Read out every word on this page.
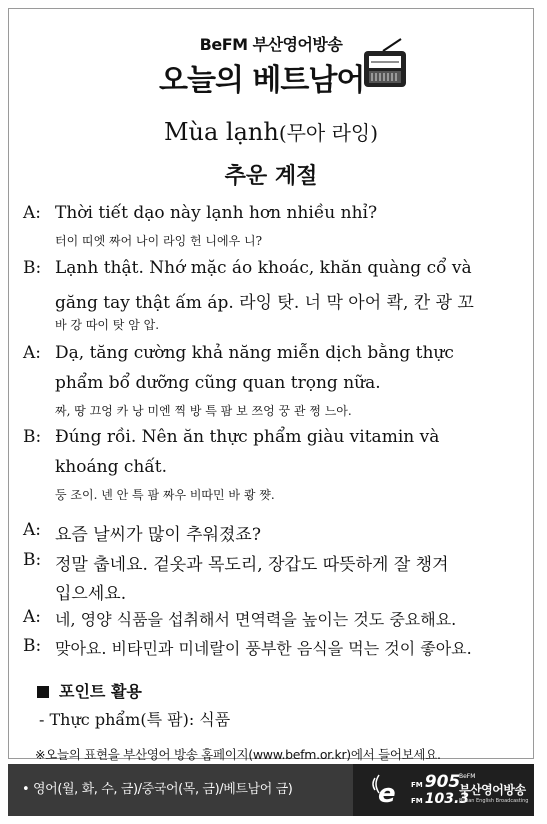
BeFM 부산영어방송
오늘의 베트남어
Mùa lạnh(무아 라잉)
추운 계절
A: Thời tiết dạo này lạnh hơn nhiều nhỉ?
터이 띠엣 짜어 나이 라잉 헌 니에우 니?
B: Lạnh thật. Nhớ mặc áo khoác, khăn quàng cổ và
găng tay thật ấm áp. 라잉 탓. 너 막 아어 콱, 칸 광 꼬
바 강 따이 탓 암 압.
A: Dạ, tăng cường khả năng miễn dịch bằng thực
phẩm bổ dưỡng cũng quan trọng nữa.
짜, 땅 끄엉 카 낭 미엔 찍 방 특 팜 보 쯔엉 꿍 관 쩡 느아.
B: Đúng rồi. Nên ăn thực phẩm giàu vitamin và
khoáng chất.
둥 조이. 넨 안 특 팜 짜우 비따민 바 쾅 쨧.
A: 요즘 날씨가 많이 추워졌죠?
B: 정말 춥네요. 겉옷과 목도리, 장갑도 따뜻하게 잘 챙겨
입으세요.
A: 네, 영양 식품을 섭취해서 면역력을 높이는 것도 중요해요.
B: 맞아요. 비타민과 미네랄이 풍부한 음식을 먹는 것이 좋아요.
포인트 활용
- Thực phẩm(특 팜): 식품
※오늘의 표현을 부산영어 방송 홈페이지(www.befm.or.kr)에서 들어보세요.
• 영어(월, 화, 수, 금)/중국어(목, 금)/베트남어 금)	e FM 905
FM 103.3
BeFM
부산영어방송
Busan English Broadcasting
